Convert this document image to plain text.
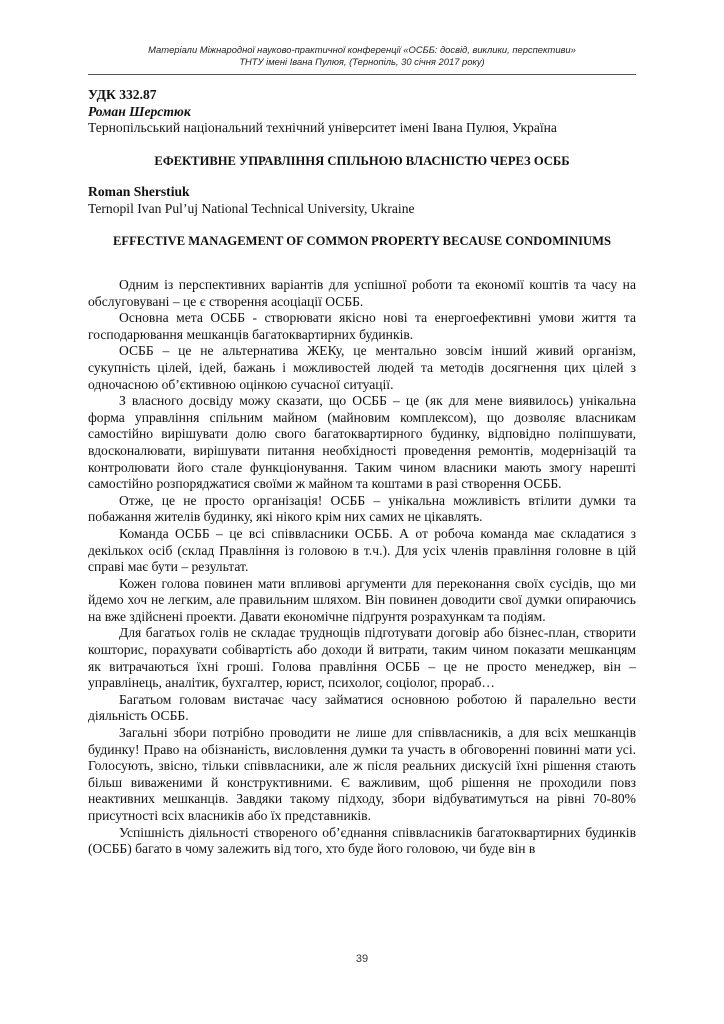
Матеріали Міжнародної науково-практичної конференції «ОСББ: досвід, виклики, перспективи»
ТНТУ імені Івана Пулюя, (Тернопіль, 30 січня 2017 року)
УДК 332.87
Роман Шерстюк
Тернопільський національний технічний університет імені Івана Пулюя, Україна
ЕФЕКТИВНЕ УПРАВЛІННЯ СПІЛЬНОЮ ВЛАСНІСТЮ ЧЕРЕЗ ОСББ
Roman Sherstiuk
Ternopil Ivan Pul’uj National Technical University, Ukraine
EFFECTIVE MANAGEMENT OF COMMON PROPERTY BECAUSE CONDOMINIUMS

Одним із перспективних варіантів для успішної роботи та економії коштів та часу на обслуговувані – це є створення асоціації ОСББ.

Основна мета ОСББ - створювати якісно нові та енергоефективні умови життя та господарювання мешканців багатоквартирних будинків.

ОСББ – це не альтернатива ЖЕКу, це ментально зовсім інший живий організм, сукупність цілей, ідей, бажань і можливостей людей та методів досягнення цих цілей з одночасною об’єктивною оцінкою сучасної ситуації.

З власного досвіду можу сказати, що ОСББ – це (як для мене виявилось) унікальна форма управління спільним майном (майновим комплексом), що дозволяє власникам самостійно вирішувати долю свого багатоквартирного будинку, відповідно поліпшувати, вдосконалювати, вирішувати питання необхідності проведення ремонтів, модернізацій та контролювати його стале функціонування. Таким чином власники мають змогу нарешті самостійно розпоряджатися своїми ж майном та коштами в разі створення ОСББ.

Отже, це не просто організація! ОСББ – унікальна можливість втілити думки та побажання жителів будинку, які нікого крім них самих не цікавлять.

Команда ОСББ – це всі співвласники ОСББ. А от робоча команда має складатися з декількох осіб (склад Правління із головою в т.ч.). Для усіх членів правління головне в цій справі має бути – результат.

Кожен голова повинен мати впливові аргументи для переконання своїх сусідів, що ми йдемо хоч не легким, але правильним шляхом. Він повинен доводити свої думки опираючись на вже здійснені проекти. Давати економічне підґрунтя розрахункам та подіям.

Для багатьох голів не складає труднощів підготувати договір або бізнес-план, створити кошторис, порахувати собівартість або доходи й витрати, таким чином показати мешканцям як витрачаються їхні гроші. Голова правління ОСББ – це не просто менеджер, він – управлінець, аналітик, бухгалтер, юрист, психолог, соціолог, прораб…

Багатьом головам вистачає часу займатися основною роботою й паралельно вести діяльність ОСББ.

Загальні збори потрібно проводити не лише для співвласників, а для всіх мешканців будинку! Право на обізнаність, висловлення думки та участь в обговоренні повинні мати усі. Голосують, звісно, тільки співвласники, але ж після реальних дискусій їхні рішення стають більш виваженими й конструктивними. Є важливим, щоб рішення не проходили повз неактивних мешканців. Завдяки такому підходу, збори відбуватимуться на рівні 70-80% присутності всіх власників або їх представників.

Успішність діяльності створеного об’єднання співвласників багатоквартирних будинків (ОСББ) багато в чому залежить від того, хто буде його головою, чи буде він в

39
